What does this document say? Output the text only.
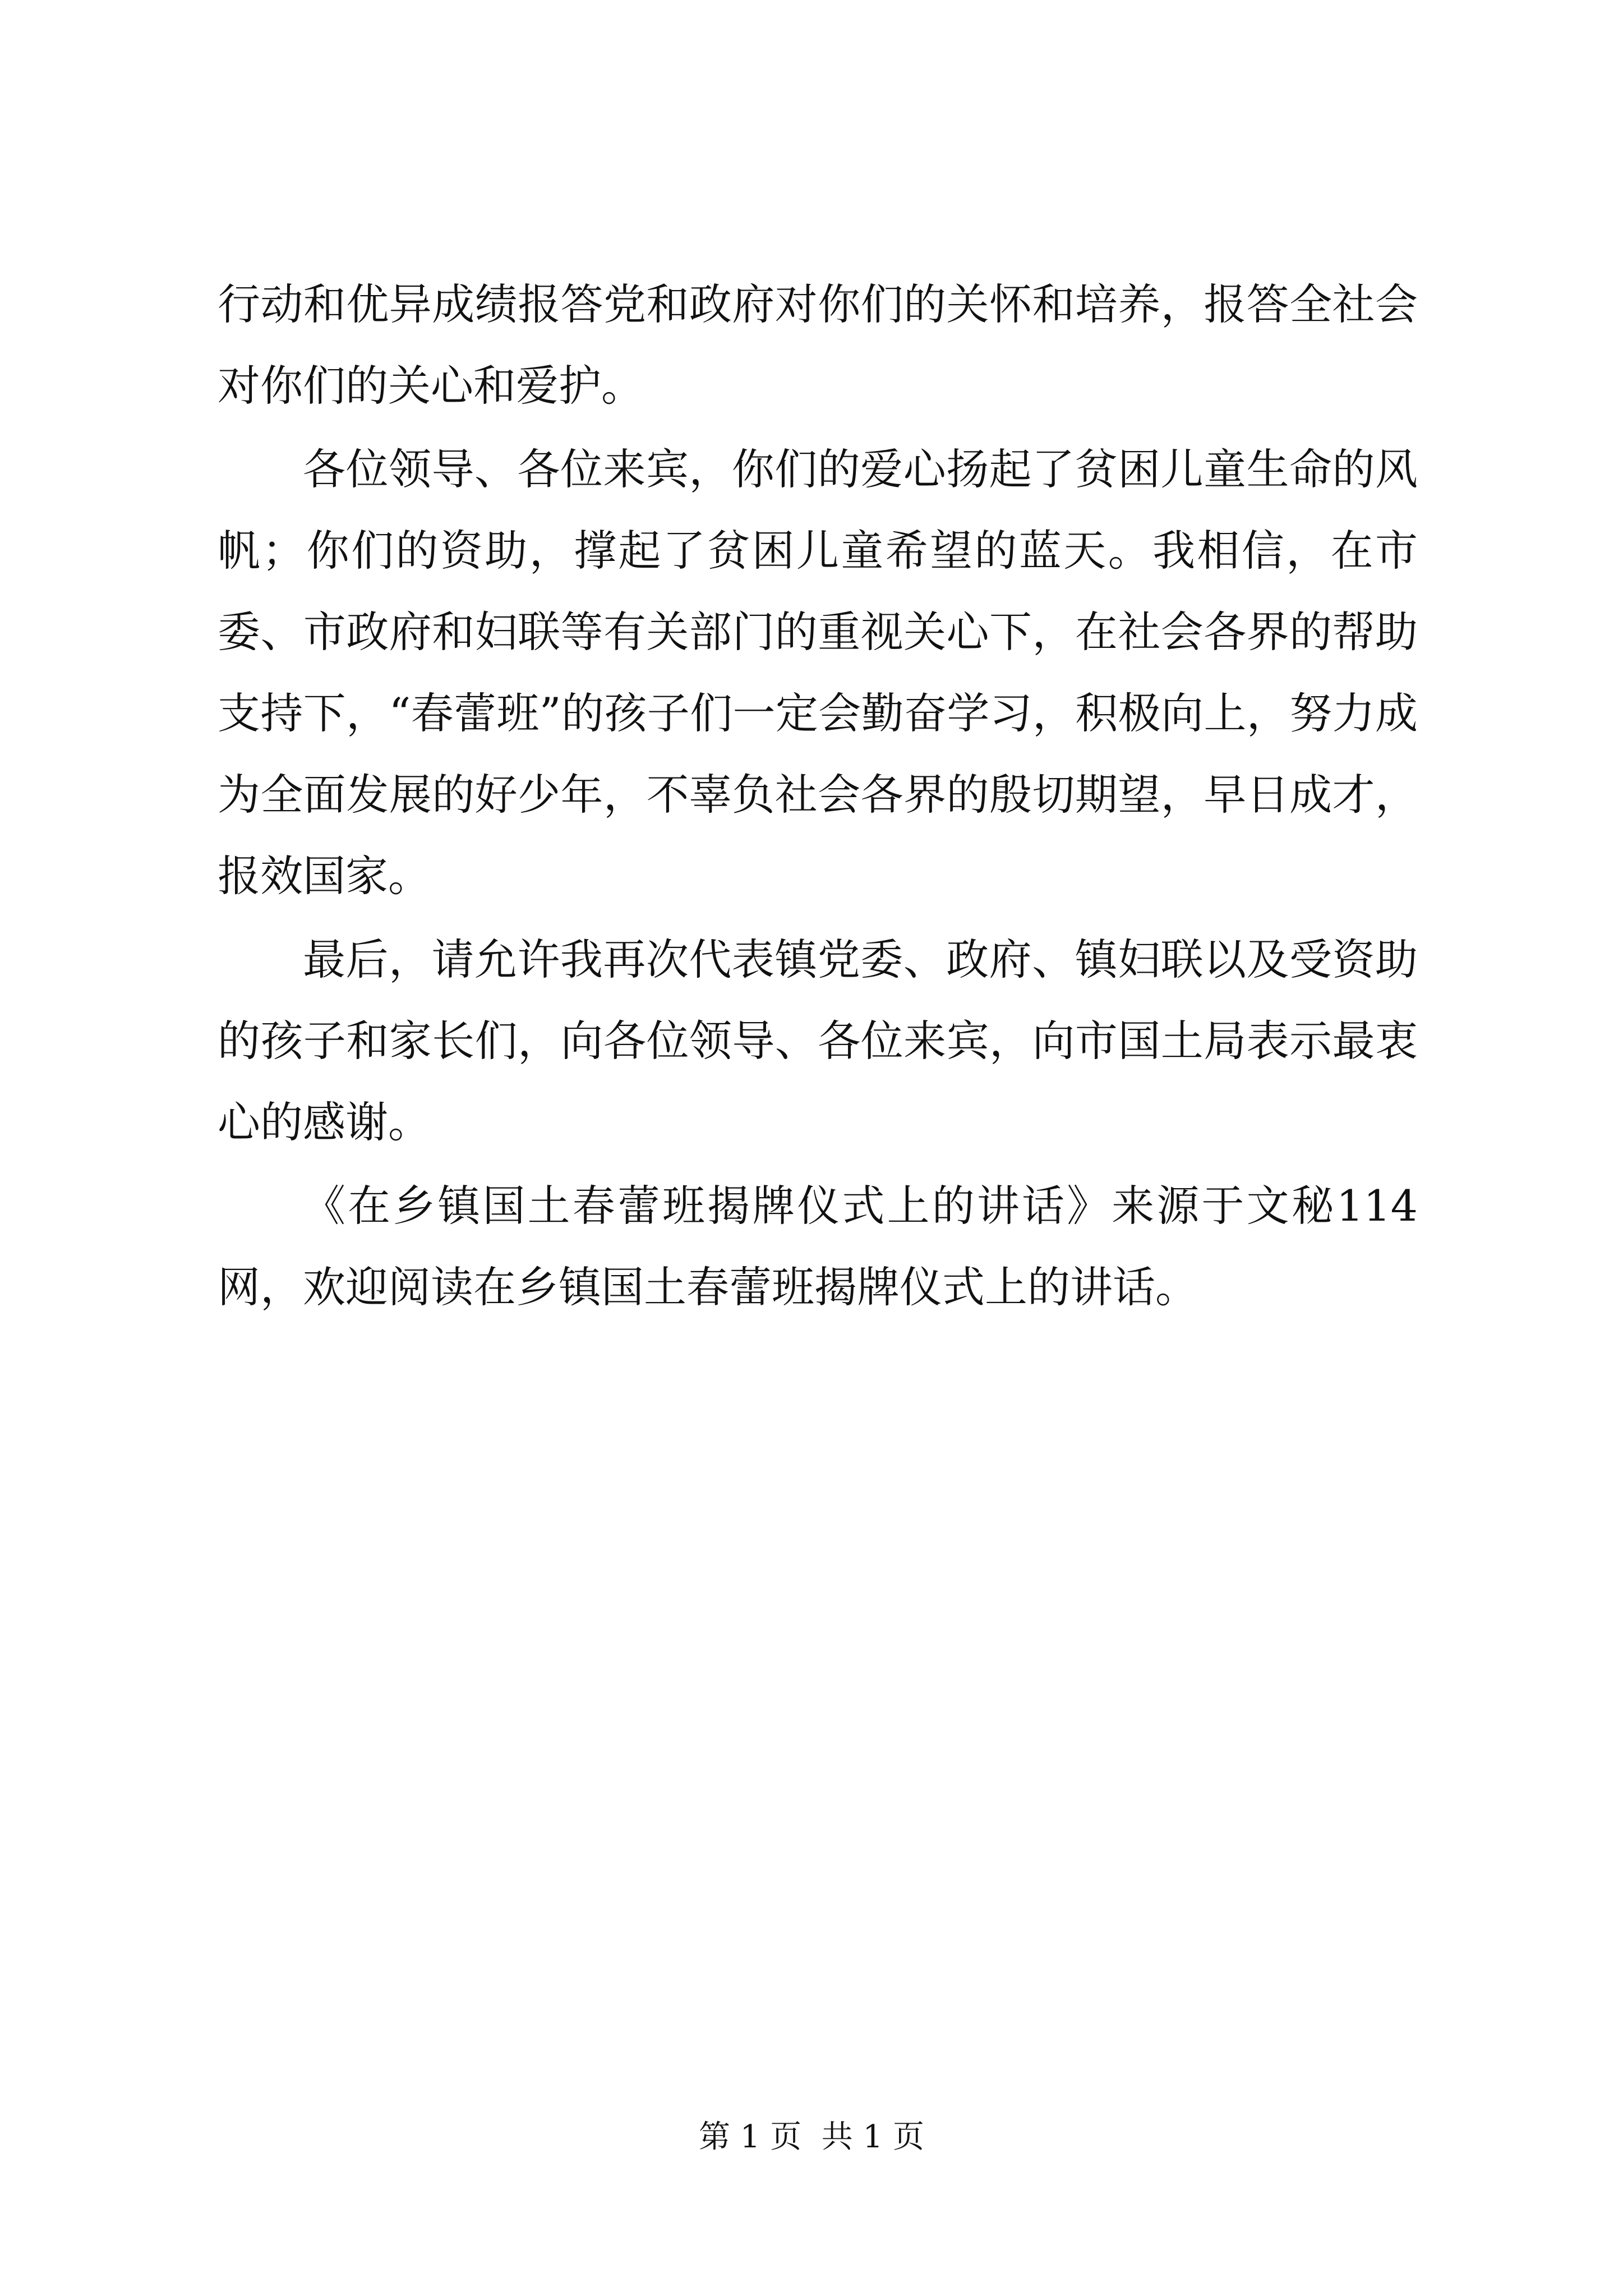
行动和优异成绩报答党和政府对你们的关怀和培养，报答全社会对你们的关心和爱护。

各位领导、各位来宾，你们的爱心扬起了贫困儿童生命的风帆；你们的资助，撑起了贫困儿童希望的蓝天。我相信，在市委、市政府和妇联等有关部门的重视关心下，在社会各界的帮助支持下，“春蕾班”的孩子们一定会勤奋学习，积极向上，努力成为全面发展的好少年，不辜负社会各界的殷切期望，早日成才，报效国家。

最后，请允许我再次代表镇党委、政府、镇妇联以及受资助的孩子和家长们，向各位领导、各位来宾，向市国土局表示最衷心的感谢。

《在乡镇国土春蕾班揭牌仪式上的讲话》来源于文秘114网，欢迎阅读在乡镇国土春蕾班揭牌仪式上的讲话。

第 1 页  共 1 页
